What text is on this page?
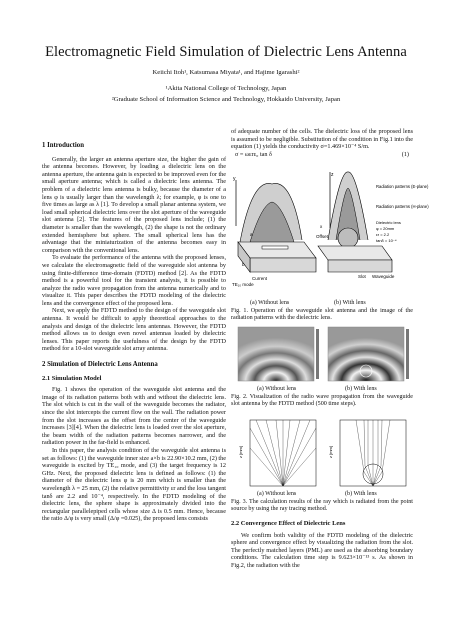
Electromagnetic Field Simulation of Dielectric Lens Antenna
Keiichi Itoh¹, Katsumasa Miyata¹, and Hajime Igarashi²
¹Akita National College of Technology, Japan
²Graduate School of Information Science and Technology, Hokkaido University, Japan
1 Introduction

Generally, the larger an antenna aperture size, the higher the gain of the antenna becomes. However, by loading a dielectric lens on the antenna aperture, the antenna gain is expected to be improved even for the small aperture antenna; which is called a dielectric lens antenna. The problem of a dielectric lens antenna is bulky, because the diameter of a lens φ is usually larger than the wavelength λ; for example, φ is one to five times as large as λ [1]. To develop a small planar antenna system, we load small spherical dielectric lens over the slot aperture of the waveguide slot antenna [2]. The features of the proposed lens include; (1) the diameter is smaller than the wavelength, (2) the shape is not the ordinary extended hemisphere but sphere. The small spherical lens has the advantage that the miniaturization of the antenna becomes easy in comparison with the conventional lens.

To evaluate the performance of the antenna with the proposed lenses, we calculate the electromagnetic field of the waveguide slot antenna by using finite-difference time-domain (FDTD) method [2]. As the FDTD method is a powerful tool for the transient analysis, it is possible to analyze the radio wave propagation from the antenna numerically and to visualize it. This paper describes the FDTD modeling of the dielectric lens and the convergence effect of the proposed lens.

Next, we apply the FDTD method to the design of the waveguide slot antenna. It would be difficult to apply theoretical approaches to the analysis and design of the dielectric lens antennas. However, the FDTD method allows us to design even novel antennas loaded by dielectric lenses. This paper reports the usefulness of the design by the FDTD method for a 10-slot waveguide slot array antenna.

2 Simulation of Dielectric Lens Antenna
2.1 Simulation Model

Fig. 1 shows the operation of the waveguide slot antenna and the image of its radiation patterns both with and without the dielectric lens. The slot which is cut in the wall of the waveguide becomes the radiator, since the slot intercepts the current flow on the wall. The radiation power from the slot increases as the offset from the center of the waveguide increases [3][4]. When the dielectric lens is loaded over the slot aperture, the beam width of the radiation patterns becomes narrower, and the radiation power in the far-field is enhanced.

In this paper, the analysis condition of the waveguide slot antenna is set as follows: (1) the waveguide inner size a×b is 22.90×10.2 mm, (2) the waveguide is excited by TE₁₀ mode, and (3) the target frequency is 12 GHz. Next, the proposed dielectric lens is defined as follows: (1) the diameter of the dielectric lens φ is 20 mm which is smaller than the wavelength λ = 25 mm, (2) the relative permittivity εr and the loss tangent tanδ are 2.2 and 10⁻⁴, respectively. In the FDTD modeling of the dielectric lens, the sphere shape is approximately divided into the rectangular parallelepiped cells whose size Δ is 0.5 mm. Hence, because the ratio Δ/φ is very small (Δ/φ =0.025), the proposed lens consists

of adequate number of the cells. The dielectric loss of the proposed lens is assumed to be negligible. Substitution of the condition in Fig.1 into the equation (1) yields the conductivity σ=1.469×10⁻⁴ S/m.

σ = ωεrε₀ tan δ	(1)
y
a
b
Current
TE₁₀ mode
z
Offset
Slot Waveguide
x
Radiation patterns (E-plane)
Radiation patterns (H-plane)
Dielectric lens
φ = 20mm
εr = 2.2
tanδ = 10⁻⁴
(a) Without lens	(b) With lens
Fig. 1. Operation of the waveguide slot antenna and the image of the radiation patterns with the dielectric lens.
(a) Without lens	(b) With lens
Fig. 2. Visualization of the radio wave propagation from the waveguide slot antenna by the FDTD method (500 time steps).
z [mm]	z [mm]
(a) Without lens	(b) With lens
Fig. 3. The calculation results of the ray which is radiated from the point source by using the ray tracing method.
2.2 Convergence Effect of Dielectric Lens

We confirm both validity of the FDTD modeling of the dielectric sphere and convergence effect by visualizing the radiation from the slot. The perfectly matched layers (PML) are used as the absorbing boundary conditions. The calculation time step is 9.623×10⁻¹³ s. As shown in Fig.2, the radiation with the
